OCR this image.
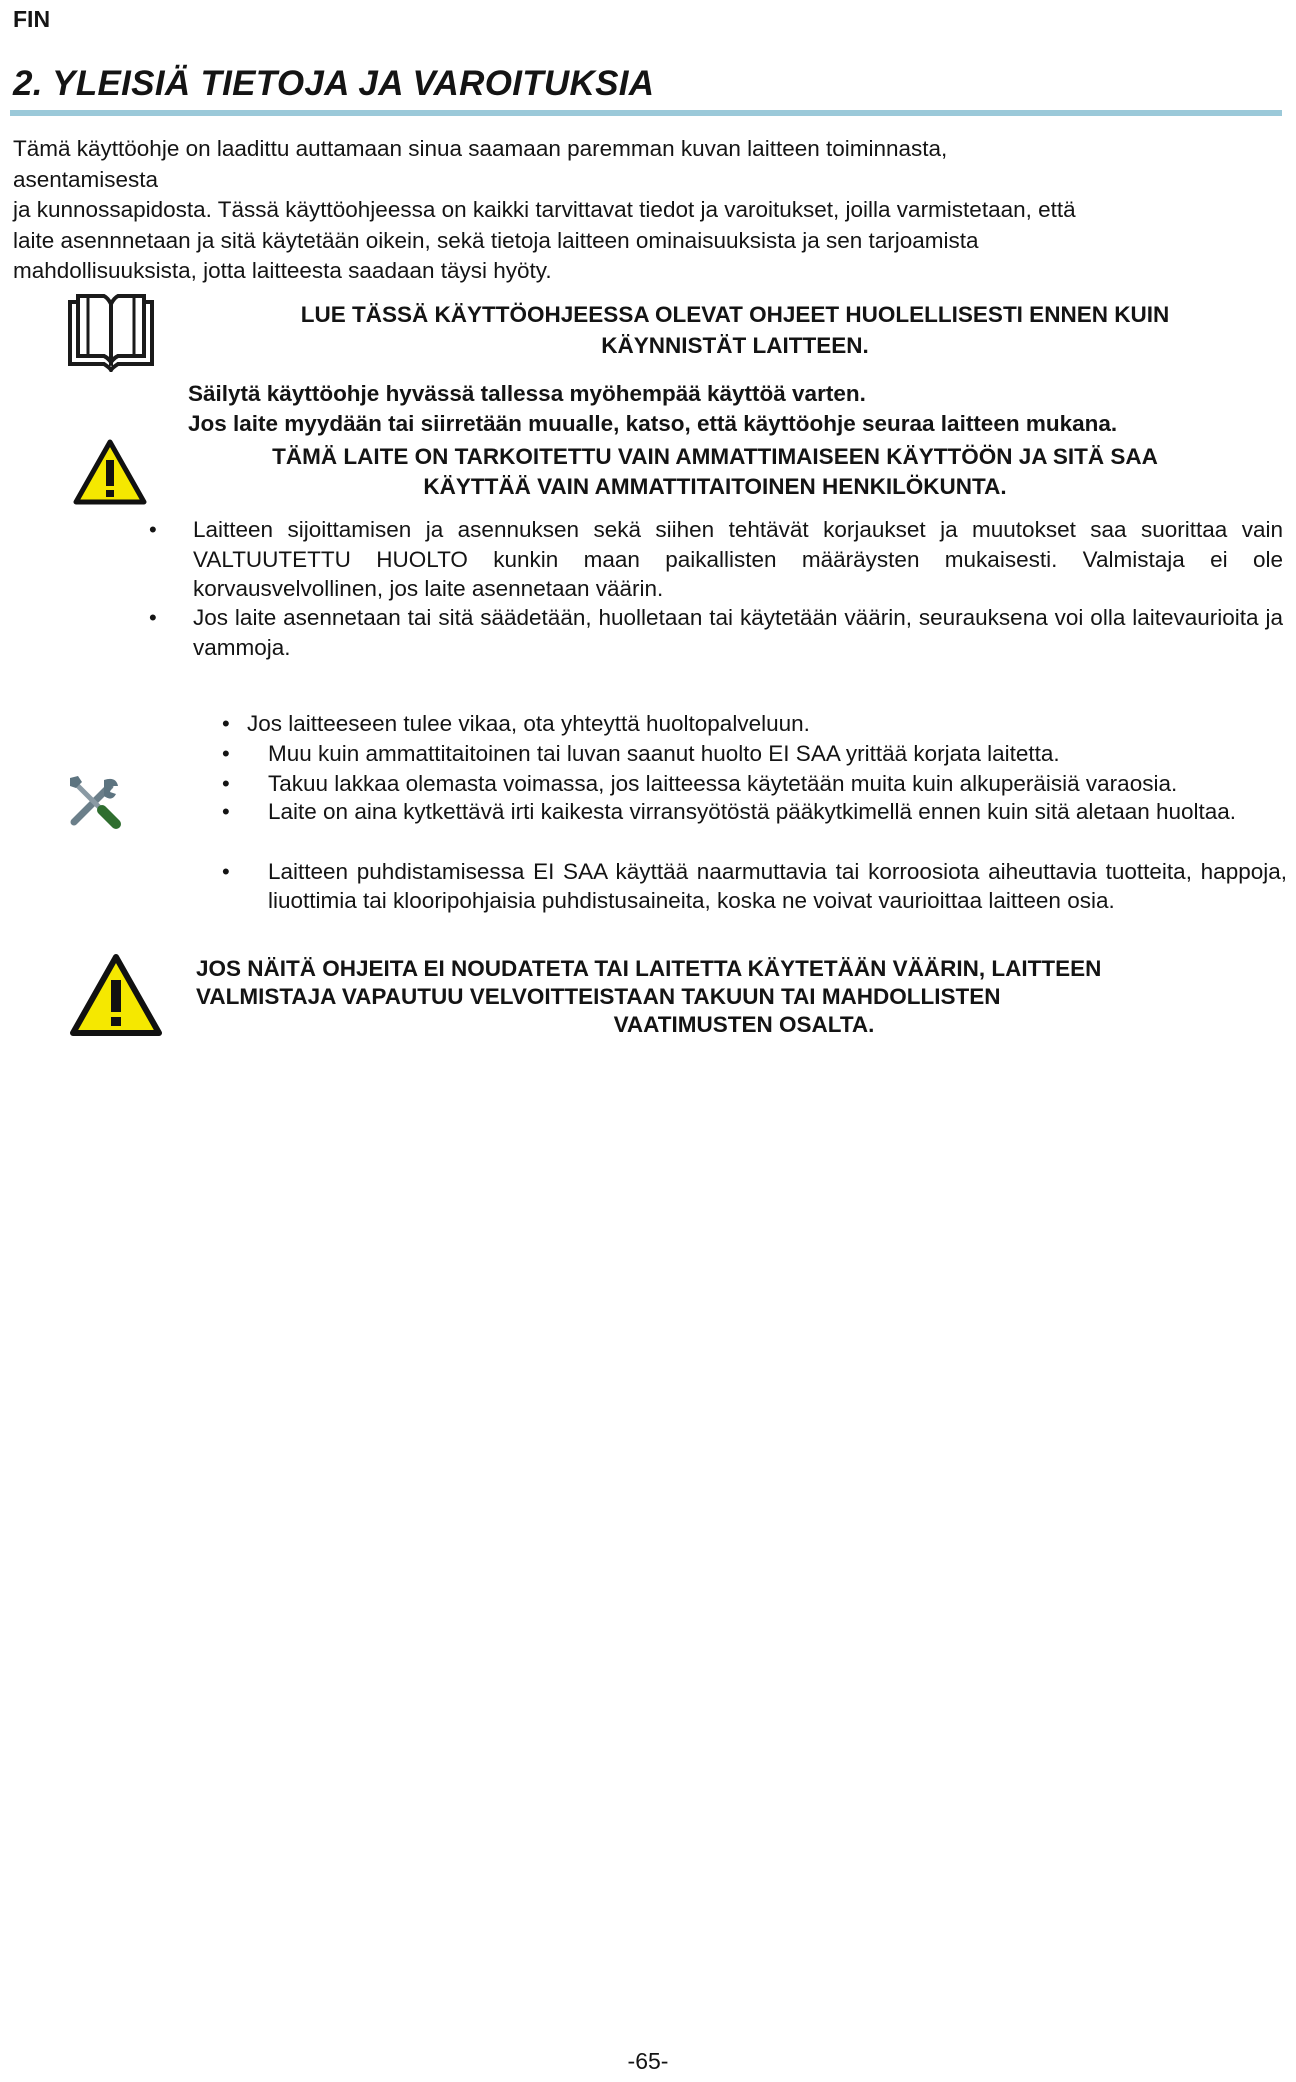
FIN
2. YLEISIÄ TIETOJA JA VAROITUKSIA
Tämä käyttöohje on laadittu auttamaan sinua saamaan paremman kuvan laitteen toiminnasta,
asentamisesta
ja kunnossapidosta. Tässä käyttöohjeessa on kaikki tarvittavat tiedot ja varoitukset, joilla varmistetaan, että
laite asennnetaan ja sitä käytetään oikein, sekä tietoja laitteen ominaisuuksista ja sen tarjoamista
mahdollisuuksista, jotta laitteesta saadaan täysi hyöty.
LUE TÄSSÄ KÄYTTÖOHJEESSA OLEVAT OHJEET HUOLELLISESTI ENNEN KUIN
KÄYNNISTÄT LAITTEEN.
Säilytä käyttöohje hyvässä tallessa myöhempää käyttöä varten.
Jos laite myydään tai siirretään muualle, katso, että käyttöohje seuraa laitteen mukana.
TÄMÄ LAITE ON TARKOITETTU VAIN AMMATTIMAISEEN KÄYTTÖÖN JA SITÄ SAA
KÄYTTÄÄ VAIN AMMATTITAITOINEN HENKILÖKUNTA.
• Laitteen sijoittamisen ja asennuksen sekä siihen tehtävät korjaukset ja muutokset saa suorittaa vain VALTUUTETTU HUOLTO kunkin maan paikallisten määräysten mukaisesti. Valmistaja ei ole korvausvelvollinen, jos laite asennetaan väärin.
• Jos laite asennetaan tai sitä säädetään, huolletaan tai käytetään väärin, seurauksena voi olla laitevaurioita ja vammoja.
• Jos laitteeseen tulee vikaa, ota yhteyttä huoltopalveluun.
• Muu kuin ammattitaitoinen tai luvan saanut huolto EI SAA yrittää korjata laitetta.
• Takuu lakkaa olemasta voimassa, jos laitteessa käytetään muita kuin alkuperäisiä varaosia.
• Laite on aina kytkettävä irti kaikesta virransyötöstä pääkytkimellä ennen kuin sitä aletaan huoltaa.
• Laitteen puhdistamisessa EI SAA käyttää naarmuttavia tai korroosiota aiheuttavia tuotteita, happoja, liuottimia tai klooripohjaisia puhdistusaineita, koska ne voivat vaurioittaa laitteen osia.
JOS NÄITÄ OHJEITA EI NOUDATETA TAI LAITETTA KÄYTETÄÄN VÄÄRIN, LAITTEEN
VALMISTAJA VAPAUTUU VELVOITTEISTAAN TAKUUN TAI MAHDOLLISTEN
VAATIMUSTEN OSALTA.
-65-
